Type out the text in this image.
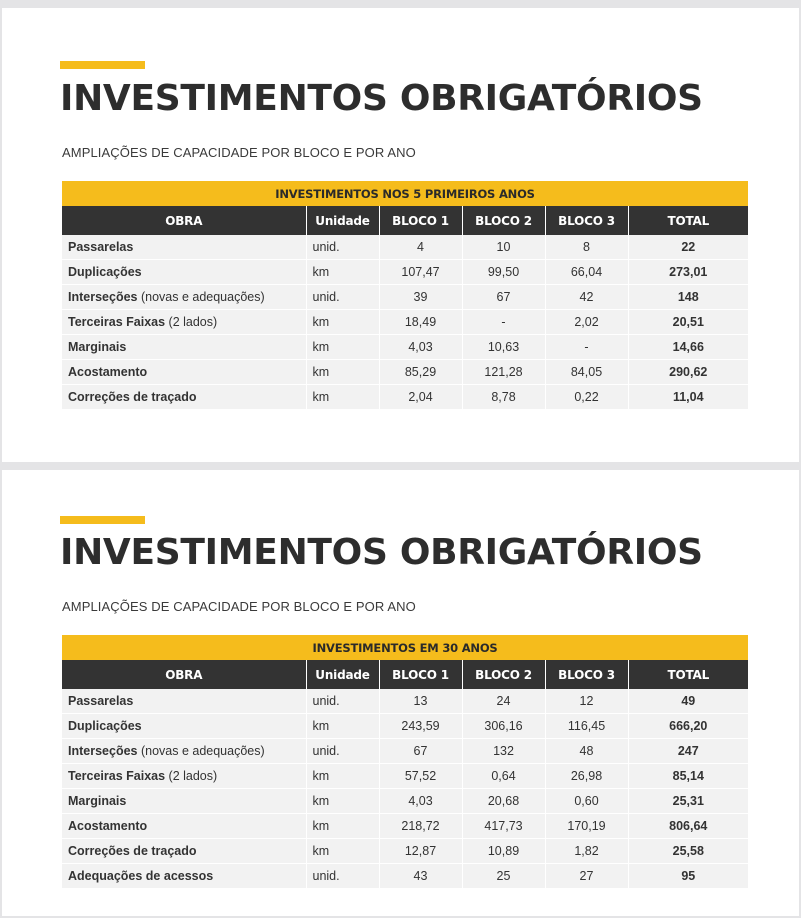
INVESTIMENTOS OBRIGATÓRIOS
AMPLIAÇÕES DE CAPACIDADE POR BLOCO E POR ANO
INVESTIMENTOS NOS 5 PRIMEIROS ANOS					
OBRA	Unidade	BLOCO 1	BLOCO 2	BLOCO 3	TOTAL
Passarelas	unid.	4	10	8	22
Duplicações	km	107,47	99,50	66,04	273,01
Interseções (novas e adequações)	unid.	39	67	42	148
Terceiras Faixas (2 lados)	km	18,49	-	2,02	20,51
Marginais	km	4,03	10,63	-	14,66
Acostamento	km	85,29	121,28	84,05	290,62
Correções de traçado	km	2,04	8,78	0,22	11,04
INVESTIMENTOS OBRIGATÓRIOS
AMPLIAÇÕES DE CAPACIDADE POR BLOCO E POR ANO
INVESTIMENTOS EM 30 ANOS					
OBRA	Unidade	BLOCO 1	BLOCO 2	BLOCO 3	TOTAL
Passarelas	unid.	13	24	12	49
Duplicações	km	243,59	306,16	116,45	666,20
Interseções (novas e adequações)	unid.	67	132	48	247
Terceiras Faixas (2 lados)	km	57,52	0,64	26,98	85,14
Marginais	km	4,03	20,68	0,60	25,31
Acostamento	km	218,72	417,73	170,19	806,64
Correções de traçado	km	12,87	10,89	1,82	25,58
Adequações de acessos	unid.	43	25	27	95
